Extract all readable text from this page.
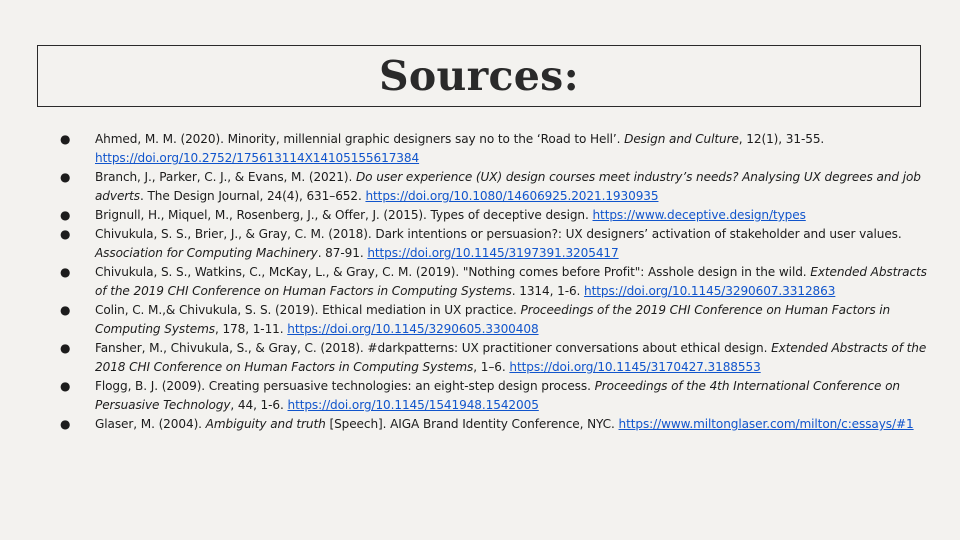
Sources:
● Ahmed, M. M. (2020). Minority, millennial graphic designers say no to the ‘Road to Hell’. Design and Culture, 12(1), 31-55. https://doi.org/10.2752/175613114X14105155617384
● Branch, J., Parker, C. J., & Evans, M. (2021). Do user experience (UX) design courses meet industry’s needs? Analysing UX degrees and job adverts. The Design Journal, 24(4), 631–652. https://doi.org/10.1080/14606925.2021.1930935
● Brignull, H., Miquel, M., Rosenberg, J., & Offer, J. (2015). Types of deceptive design. https://www.deceptive.design/types
● Chivukula, S. S., Brier, J., & Gray, C. M. (2018). Dark intentions or persuasion?: UX designers’ activation of stakeholder and user values. Association for Computing Machinery. 87-91. https://doi.org/10.1145/3197391.3205417
● Chivukula, S. S., Watkins, C., McKay, L., & Gray, C. M. (2019). "Nothing comes before Profit": Asshole design in the wild. Extended Abstracts of the 2019 CHI Conference on Human Factors in Computing Systems. 1314, 1-6. https://doi.org/10.1145/3290607.3312863
● Colin, C. M.,& Chivukula, S. S. (2019). Ethical mediation in UX practice. Proceedings of the 2019 CHI Conference on Human Factors in Computing Systems, 178, 1-11. https://doi.org/10.1145/3290605.3300408
● Fansher, M., Chivukula, S., & Gray, C. (2018). #darkpatterns: UX practitioner conversations about ethical design. Extended Abstracts of the 2018 CHI Conference on Human Factors in Computing Systems, 1–6. https://doi.org/10.1145/3170427.3188553
● Flogg, B. J. (2009). Creating persuasive technologies: an eight-step design process. Proceedings of the 4th International Conference on Persuasive Technology, 44, 1-6. https://doi.org/10.1145/1541948.1542005
● Glaser, M. (2004). Ambiguity and truth [Speech]. AIGA Brand Identity Conference, NYC. https://www.miltonglaser.com/milton/c:essays/#1
